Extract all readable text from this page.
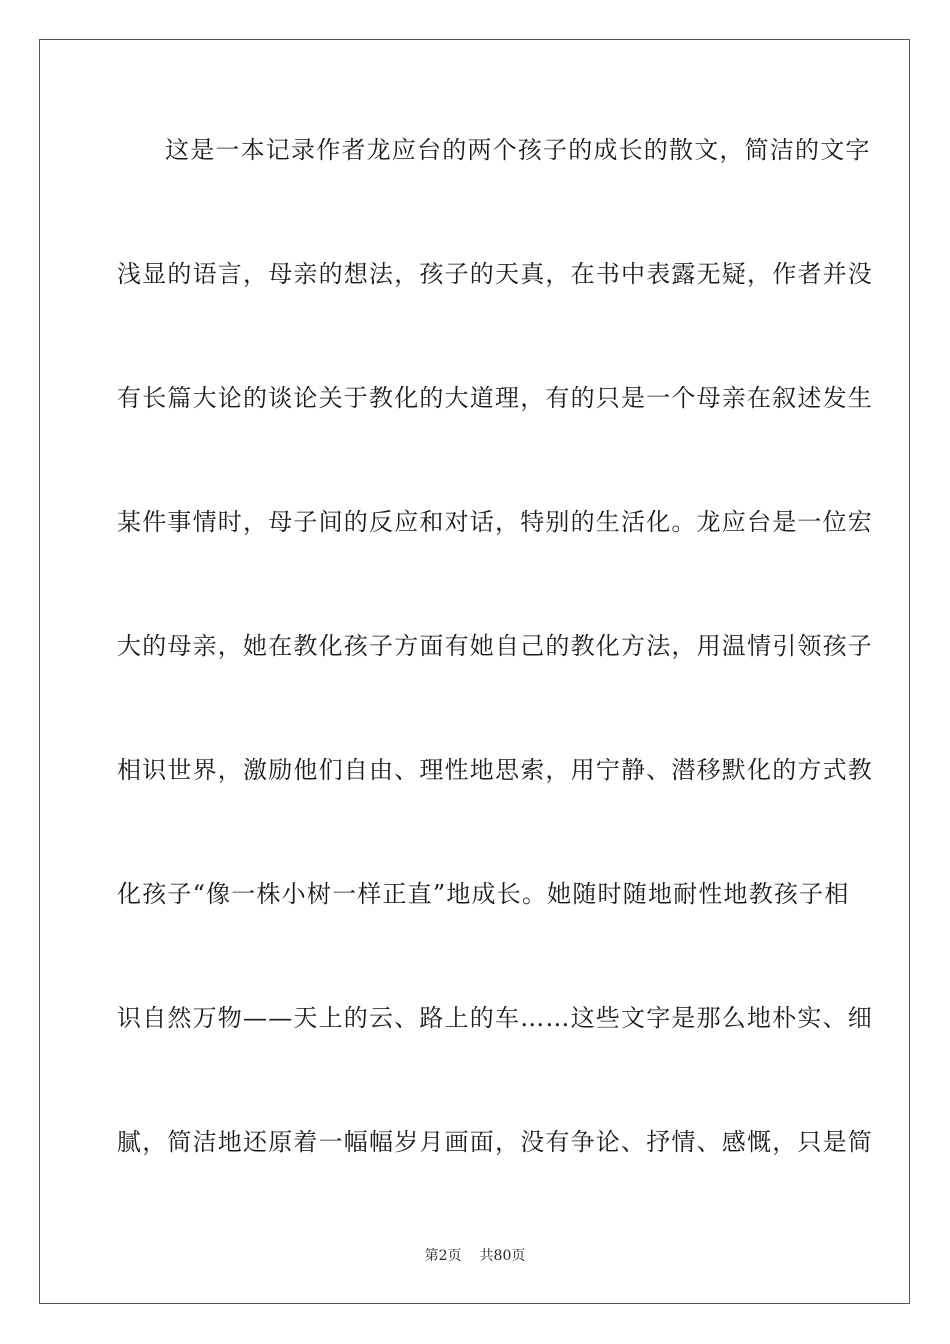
这是一本记录作者龙应台的两个孩子的成长的散文，简洁的文字
浅显的语言，母亲的想法，孩子的天真，在书中表露无疑，作者并没
有长篇大论的谈论关于教化的大道理，有的只是一个母亲在叙述发生
某件事情时，母子间的反应和对话，特别的生活化。龙应台是一位宏
大的母亲，她在教化孩子方面有她自己的教化方法，用温情引领孩子
相识世界，激励他们自由、理性地思索，用宁静、潜移默化的方式教
化孩子“像一株小树一样正直”地成长。她随时随地耐性地教孩子相
识自然万物——天上的云、路上的车……这些文字是那么地朴实、细
腻，简洁地还原着一幅幅岁月画面，没有争论、抒情、感慨，只是简
第2页 共80页
